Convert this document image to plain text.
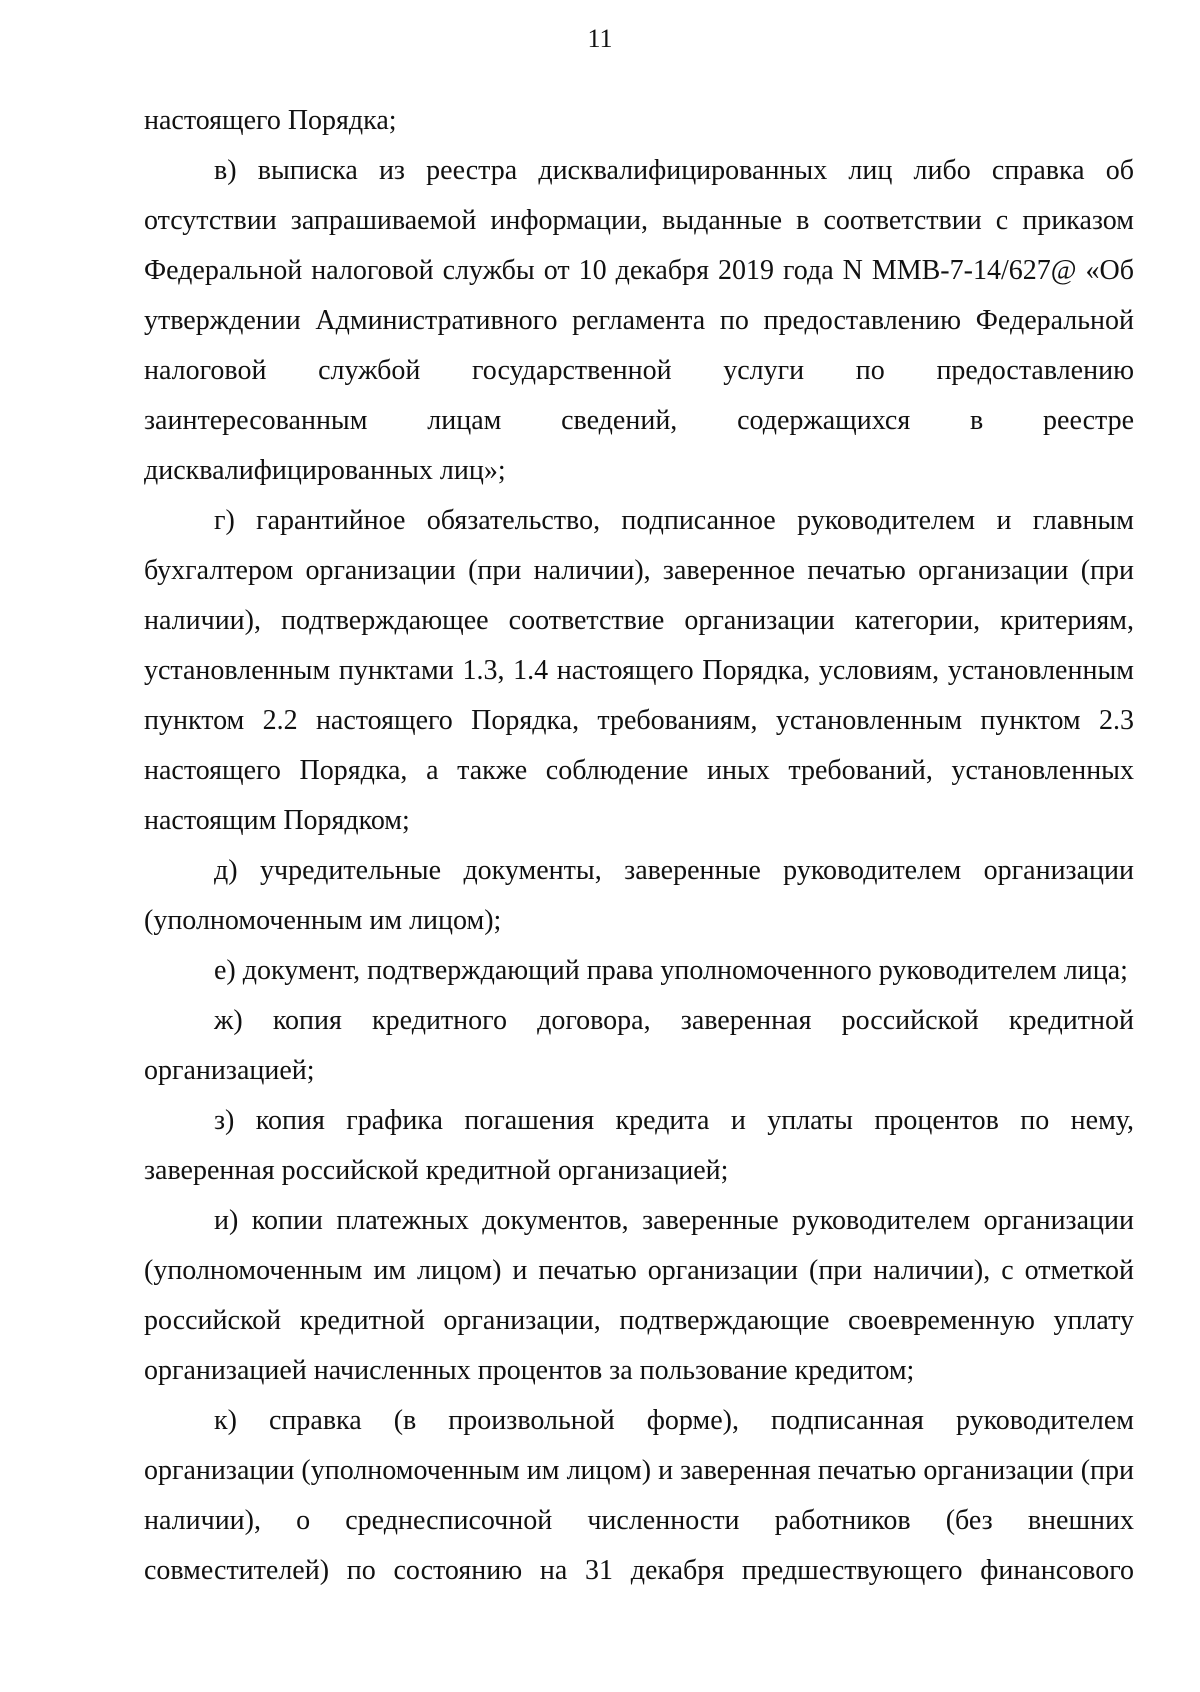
11

настоящего Порядка;

в) выписка из реестра дисквалифицированных лиц либо справка об отсутствии запрашиваемой информации, выданные в соответствии с приказом Федеральной налоговой службы от 10 декабря 2019 года N ММВ-7-14/627@ «Об утверждении Административного регламента по предоставлению Федеральной налоговой службой государственной услуги по предоставлению заинтересованным лицам сведений, содержащихся в реестре дисквалифицированных лиц»;

г) гарантийное обязательство, подписанное руководителем и главным бухгалтером организации (при наличии), заверенное печатью организации (при наличии), подтверждающее соответствие организации категории, критериям, установленным пунктами 1.3, 1.4 настоящего Порядка, условиям, установленным пунктом 2.2 настоящего Порядка, требованиям, установленным пунктом 2.3 настоящего Порядка, а также соблюдение иных требований, установленных настоящим Порядком;

д) учредительные документы, заверенные руководителем организации (уполномоченным им лицом);

е) документ, подтверждающий права уполномоченного руководителем лица;

ж) копия кредитного договора, заверенная российской кредитной организацией;

з) копия графика погашения кредита и уплаты процентов по нему, заверенная российской кредитной организацией;

и) копии платежных документов, заверенные руководителем организации (уполномоченным им лицом) и печатью организации (при наличии), с отметкой российской кредитной организации, подтверждающие своевременную уплату организацией начисленных процентов за пользование кредитом;

к) справка (в произвольной форме), подписанная руководителем организации (уполномоченным им лицом) и заверенная печатью организации (при наличии), о среднесписочной численности работников (без внешних совместителей) по состоянию на 31 декабря предшествующего финансового
